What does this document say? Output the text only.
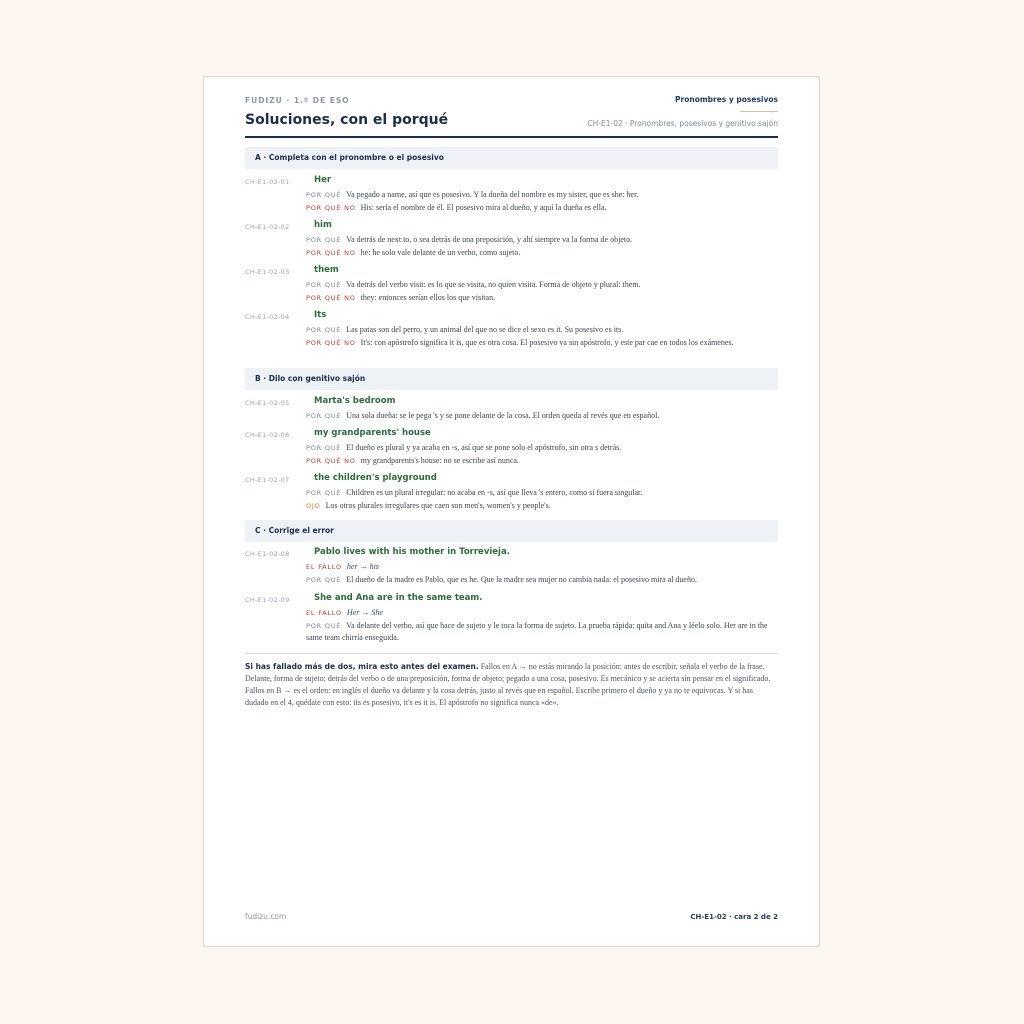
FUDIZU · 1.º DE ESO	Pronombres y posesivos
Soluciones, con el porqué	CH-E1-02 · Pronombres, posesivos y genitivo sajón
A · Completa con el pronombre o el posesivo
CH-E1-02-01	Her
POR QUÉ Va pegado a name, así que es posesivo. Y la dueña del nombre es my sister, que es she: her.
POR QUÉ NO His: sería el nombre de él. El posesivo mira al dueño, y aquí la dueña es ella.
CH-E1-02-02	him
POR QUÉ Va detrás de next to, o sea detrás de una preposición, y ahí siempre va la forma de objeto.
POR QUÉ NO he: he solo vale delante de un verbo, como sujeto.
CH-E1-02-03	them
POR QUÉ Va detrás del verbo visit: es lo que se visita, no quien visita. Forma de objeto y plural: them.
POR QUÉ NO they: entonces serían ellos los que visitan.
CH-E1-02-04	Its
POR QUÉ Las patas son del perro, y un animal del que no se dice el sexo es it. Su posesivo es its.
POR QUÉ NO It's: con apóstrofo significa it is, que es otra cosa. El posesivo va sin apóstrofo, y este par cae en todos los exámenes.
B · Dilo con genitivo sajón
CH-E1-02-05	Marta's bedroom
POR QUÉ Una sola dueña: se le pega 's y se pone delante de la cosa. El orden queda al revés que en español.
CH-E1-02-06	my grandparents' house
POR QUÉ El dueño es plural y ya acaba en -s, así que se pone solo el apóstrofo, sin otra s detrás.
POR QUÉ NO my grandparents's house: no se escribe así nunca.
CH-E1-02-07	the children's playground
POR QUÉ Children es un plural irregular: no acaba en -s, así que lleva 's entero, como si fuera singular.
OJO Los otros plurales irregulares que caen son men's, women's y people's.
C · Corrige el error
CH-E1-02-08	Pablo lives with his mother in Torrevieja.
EL FALLO her → his
POR QUÉ El dueño de la madre es Pablo, que es he. Que la madre sea mujer no cambia nada: el posesivo mira al dueño.
CH-E1-02-09	She and Ana are in the same team.
EL FALLO Her → She
POR QUÉ Va delante del verbo, así que hace de sujeto y le toca la forma de sujeto. La prueba rápida: quita and Ana y léelo solo. Her are in the same team chirría enseguida.
Si has fallado más de dos, mira esto antes del examen. Fallos en A → no estás mirando la posición: antes de escribir, señala el verbo de la frase. Delante, forma de sujeto; detrás del verbo o de una preposición, forma de objeto; pegado a una cosa, posesivo. Es mecánico y se acierta sin pensar en el significado. Fallos en B → es el orden: en inglés el dueño va delante y la cosa detrás, justo al revés que en español. Escribe primero el dueño y ya no te equivocas. Y si has dudado en el 4, quédate con esto: its es posesivo, it's es it is. El apóstrofo no significa nunca «de».
fudizu.com	CH-E1-02 · cara 2 de 2
